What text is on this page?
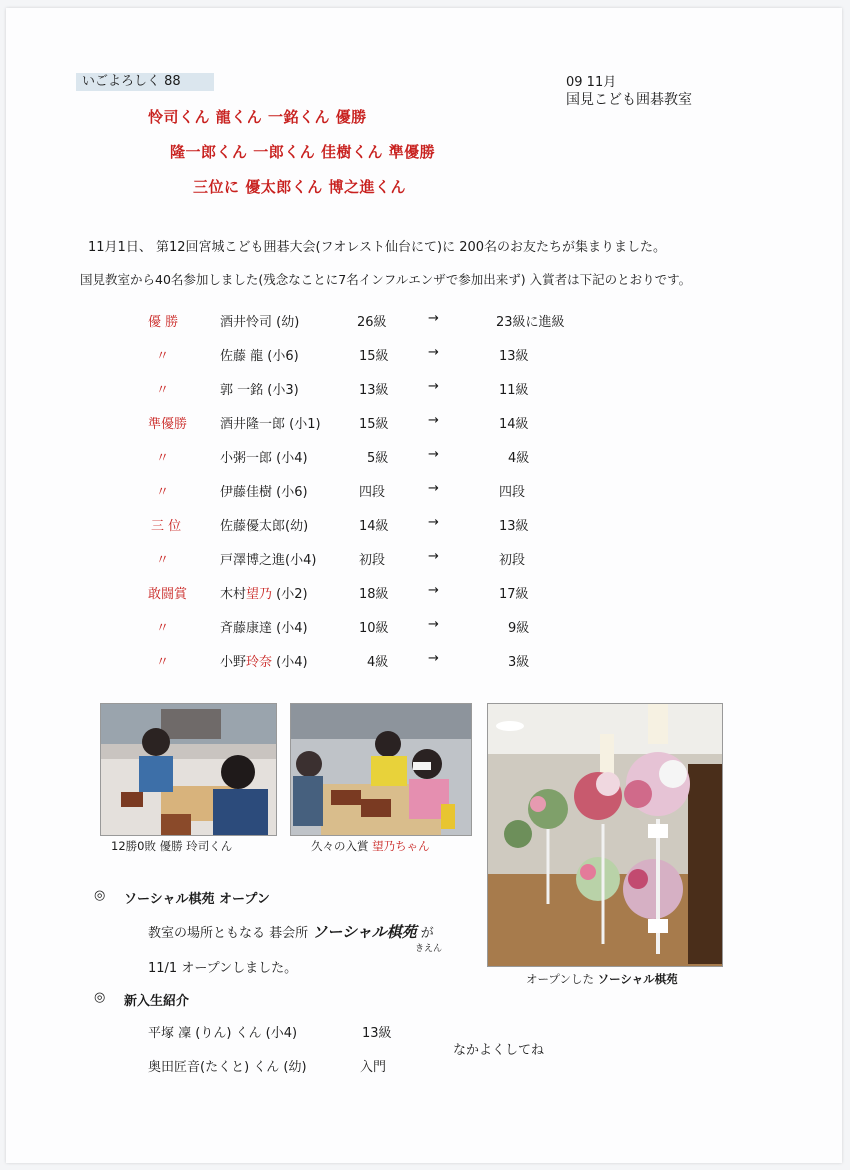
いごよろしく 88	09 11月
国見こども囲碁教室
怜司くん 龍くん 一銘くん 優勝
隆一郎くん 一郎くん 佳樹くん 準優勝
三位に 優太郎くん 博之進くん
11月1日、 第12回宮城こども囲碁大会(フオレスト仙台にて)に 200名のお友たちが集まりました。
国見教室から40名参加しました(残念なことに7名インフルエンザで参加出来ず) 入賞者は下記のとおりです。
優 勝	酒井怜司 (幼)	26級	→	23級に進級
〃	佐藤 龍 (小6)	15級	→	13級
〃	郭 一銘 (小3)	13級	→	11級
準優勝	酒井隆一郎 (小1)	15級	→	14級
〃	小粥一郎 (小4)	5級	→	4級
〃	伊藤佳樹 (小6)	四段	→	四段
三 位	佐藤優太郎(幼)	14級	→	13級
〃	戸澤博之進(小4)	初段	→	初段
敢闘賞	木村望乃 (小2)	18級	→	17級
〃	斉藤康達 (小4)	10級	→	9級
〃	小野玲奈 (小4)	4級	→	3級
12勝0敗 優勝 玲司くん	久々の入賞 望乃ちゃん
オープンした ソーシャル棋苑
◎ ソーシャル棋苑 オープン
教室の場所ともなる 碁会所 ソーシャル棋苑 が
きえん
11/1 オープンしました。
◎ 新入生紹介
平塚 凜 (りん) くん (小4)	13級
奥田匠音(たくと) くん (幼)	入門
なかよくしてね
